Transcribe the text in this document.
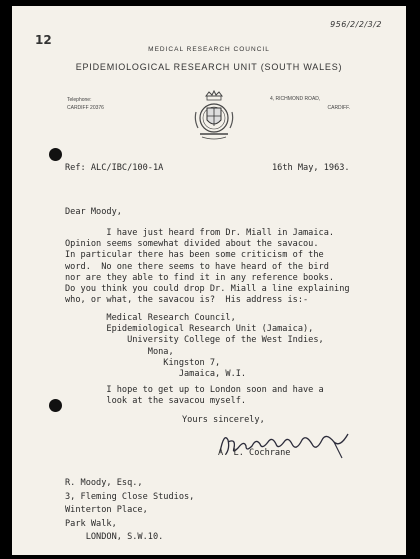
12
956/2/2/3/2
MEDICAL RESEARCH COUNCIL
EPIDEMIOLOGICAL RESEARCH UNIT (SOUTH WALES)
Telephone:
CARDIFF 20376
4, RICHMOND ROAD,
CARDIFF.
Ref: ALC/IBC/100-1A	16th May, 1963.
Dear Moody,
I have just heard from Dr. Miall in Jamaica.
Opinion seems somewhat divided about the savacou.
In particular there has been some criticism of the
word.  No one there seems to have heard of the bird
nor are they able to find it in any reference books.
Do you think you could drop Dr. Miall a line explaining
who, or what, the savacou is?  His address is:-
Medical Research Council,
Epidemiological Research Unit (Jamaica),
University College of the West Indies,
Mona,
Kingston 7,
Jamaica, W.I.
I hope to get up to London soon and have a
look at the savacou myself.
Yours sincerely,
A. L. Cochrane
R. Moody, Esq.,
3, Fleming Close Studios,
Winterton Place,
Park Walk,
LONDON, S.W.10.
